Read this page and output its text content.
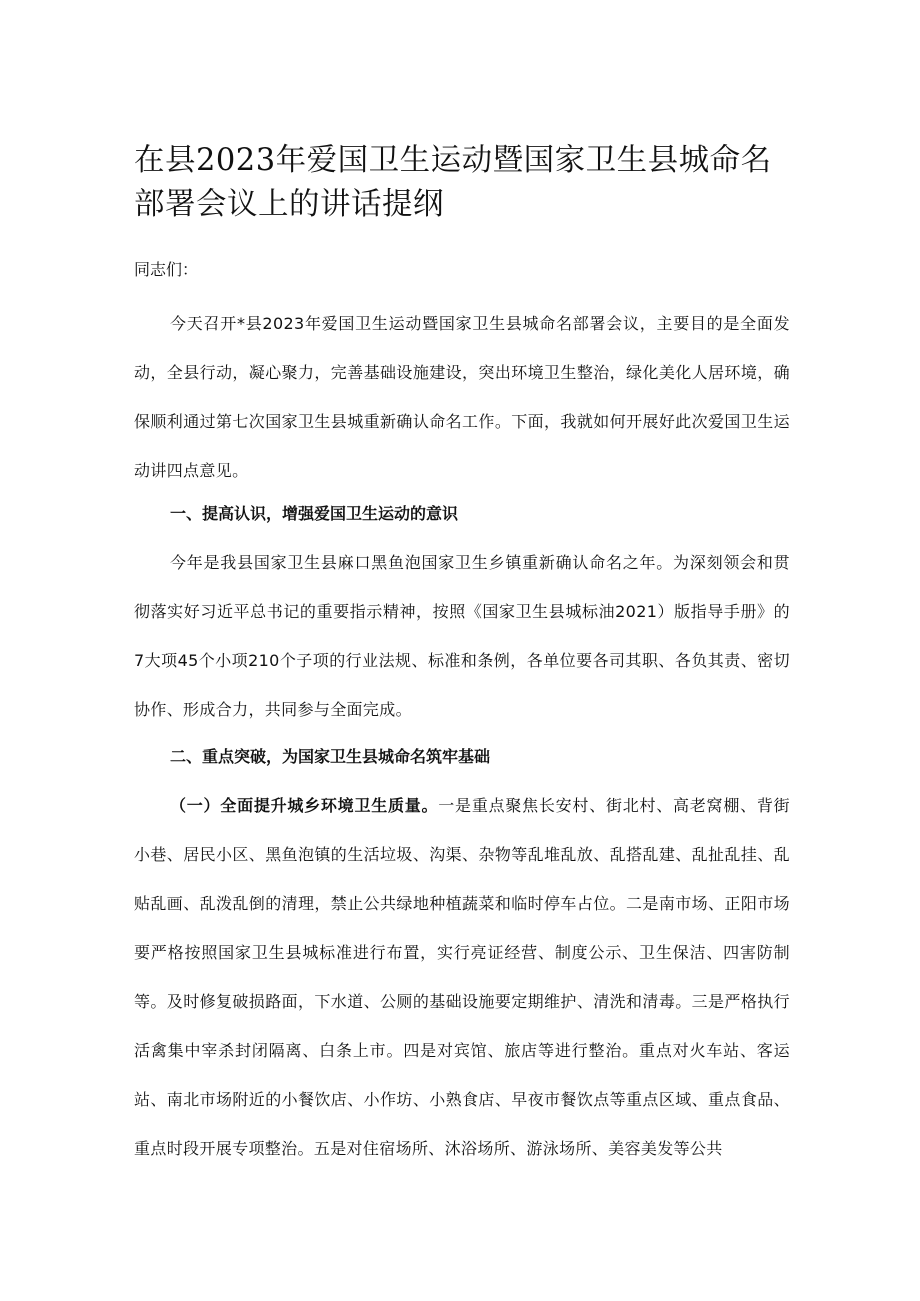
在县2023年爱国卫生运动暨国家卫生县城命名部署会议上的讲话提纲

同志们：

今天召开*县2023年爱国卫生运动暨国家卫生县城命名部署会议，主要目的是全面发动，全县行动，凝心聚力，完善基础设施建设，突出环境卫生整治，绿化美化人居环境，确保顺利通过第七次国家卫生县城重新确认命名工作。下面，我就如何开展好此次爱国卫生运动讲四点意见。

一、提高认识，增强爱国卫生运动的意识

今年是我县国家卫生县麻口黑鱼泡国家卫生乡镇重新确认命名之年。为深刻领会和贯彻落实好习近平总书记的重要指示精神，按照《国家卫生县城标油2021）版指导手册》的7大项45个小项210个子项的行业法规、标准和条例，各单位要各司其职、各负其责、密切协作、形成合力，共同参与全面完成。

二、重点突破，为国家卫生县城命名筑牢基础

（一）全面提升城乡环境卫生质量。一是重点聚焦长安村、街北村、高老窝棚、背街小巷、居民小区、黑鱼泡镇的生活垃圾、沟渠、杂物等乱堆乱放、乱搭乱建、乱扯乱挂、乱贴乱画、乱泼乱倒的清理，禁止公共绿地种植蔬菜和临时停车占位。二是南市场、正阳市场要严格按照国家卫生县城标准进行布置，实行亮证经营、制度公示、卫生保洁、四害防制等。及时修复破损路面，下水道、公厕的基础设施要定期维护、清洗和清毒。三是严格执行活禽集中宰杀封闭隔离、白条上市。四是对宾馆、旅店等进行整治。重点对火车站、客运站、南北市场附近的小餐饮店、小作坊、小熟食店、早夜市餐饮点等重点区域、重点食品、重点时段开展专项整治。五是对住宿场所、沐浴场所、游泳场所、美容美发等公共
